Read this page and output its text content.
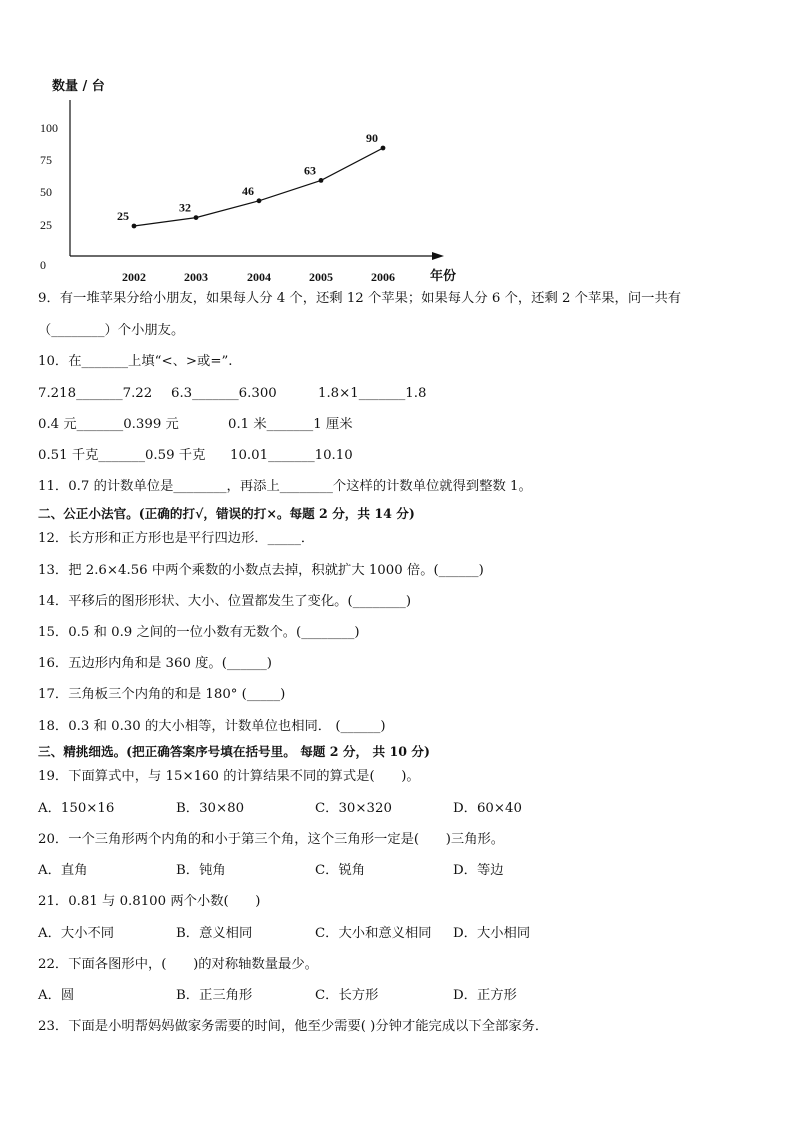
数量 / 台
年份
0
25
50
75
100
2002	2003	2004	2005	2006
25
32
46
63
90
9．有一堆苹果分给小朋友，如果每人分 4 个，还剩 12 个苹果；如果每人分 6 个，还剩 2 个苹果，问一共有
（________）个小朋友。
10．在_______上填“<、>或=”.
7.218_______7.22 6.3_______6.300	1.8×1_______1.8
0.4 元_______0.399 元	0.1 米_______1 厘米
0.51 千克_______0.59 千克 10.01_______10.10
11．0.7 的计数单位是________，再添上________个这样的计数单位就得到整数 1。
二、公正小法官。(正确的打√，错误的打×。每题 2 分，共 14 分)
12．长方形和正方形也是平行四边形．_____．
13．把 2.6×4.56 中两个乘数的小数点去掉，积就扩大 1000 倍。(______)
14．平移后的图形形状、大小、位置都发生了变化。(________)
15．0.5 和 0.9 之间的一位小数有无数个。(________)
16．五边形内角和是 360 度。(______)
17．三角板三个内角的和是 180° (_____)
18．0.3 和 0.30 的大小相等，计数单位也相同． (______)
三、精挑细选。(把正确答案序号填在括号里。 每题 2 分， 共 10 分)
19．下面算式中，与 15×160 的计算结果不同的算式是(　　)。
A．150×16	B．30×80	C．30×320	D．60×40
20．一个三角形两个内角的和小于第三个角，这个三角形一定是(　　)三角形。
A．直角	B．钝角	C．锐角	D．等边
21．0.81 与 0.8100 两个小数(　　)
A．大小不同	B．意义相同	C．大小和意义相同 D．大小相同
22．下面各图形中，(　　)的对称轴数量最少。
A．圆	B．正三角形	C．长方形	D．正方形
23．下面是小明帮妈妈做家务需要的时间，他至少需要( )分钟才能完成以下全部家务．
